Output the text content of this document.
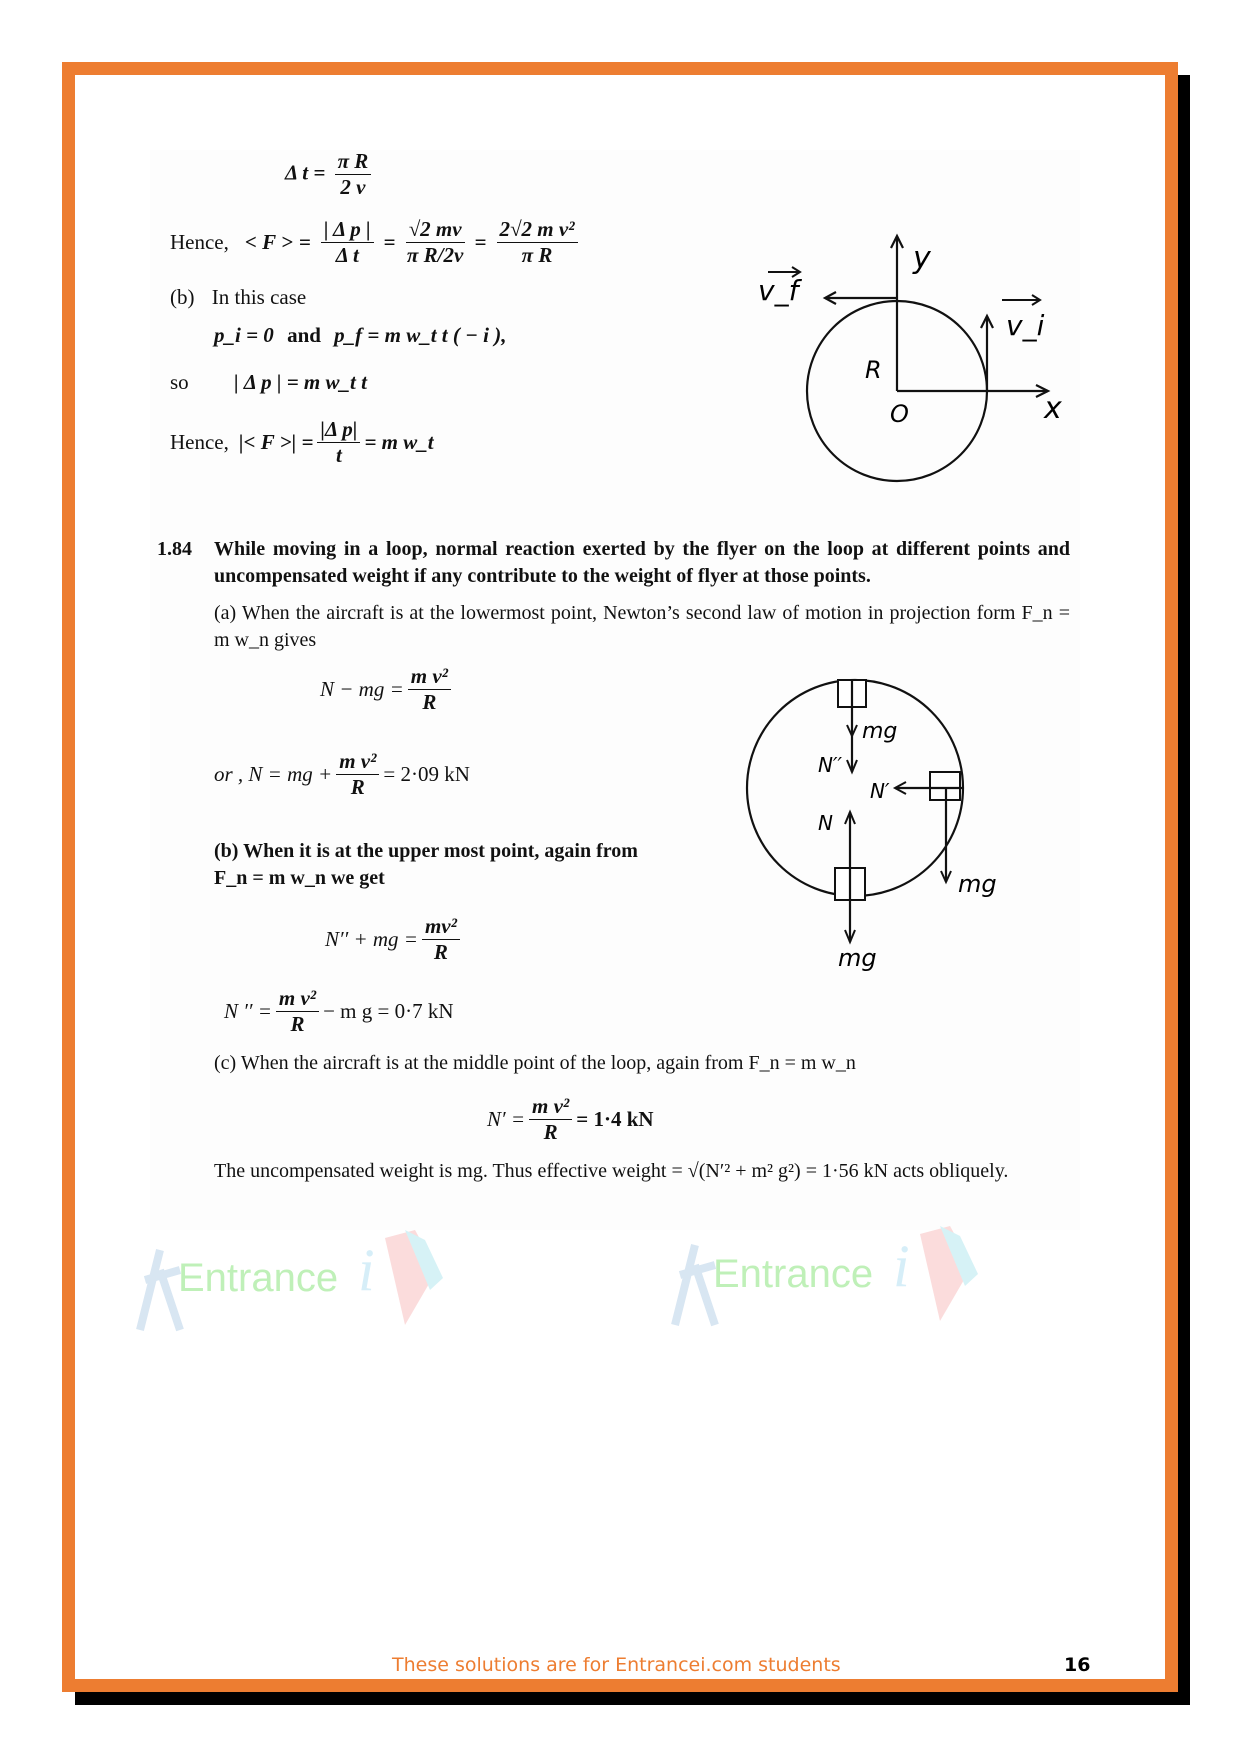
Δ $t = \frac{\text{π R}}{2 v}$
Hence, < F > = $\frac{\text{| Δ p |}}{\text{Δ t}} = \frac{√2 mv}{\text{π R/2v}} = \frac{\text{2√2 m v²}}{\text{π R}}$
(b) In this case
p_i = 0 and p_f = m w_t t ( − i ),
so | Δ p | = m w_t t
Hence, |< F >| = $\frac{\text{|Δ p|}}{t} = m$ w_t
y
x
O
R
v_f
v_i
1.84 While moving in a loop, normal reaction exerted by the flyer on the loop at different points and uncompensated weight if any contribute to the weight of flyer at those points.
(a) When the aircraft is at the lowermost point, Newton’s second law of motion in projection form F_n = m w_n gives
N − mg = $\frac{\text{m v²}}{R}$
or , N = mg + $\frac{\text{m v²}}{R} = 2\cdot 09$ kN
(b) When it is at the upper most point, again from F_n = m w_n we get
N′′ + mg = $\frac{\text{mv²}}{R}$
N ′′ = $\frac{\text{m v²}}{R} - m$ g = 0·7 kN
(c) When the aircraft is at the middle point of the loop, again from F_n = m w_n
$N' = \frac{\text{m v²}}{R} = 1\cdot 4$ kN
The uncompensated weight is mg. Thus effective weight = √(N′² + m² g²) = 1·56 kN acts obliquely.
mg
N′′
N′
N
mg
mg
Entrance i	Entrance i
These solutions are for Entrancei.com students	16
